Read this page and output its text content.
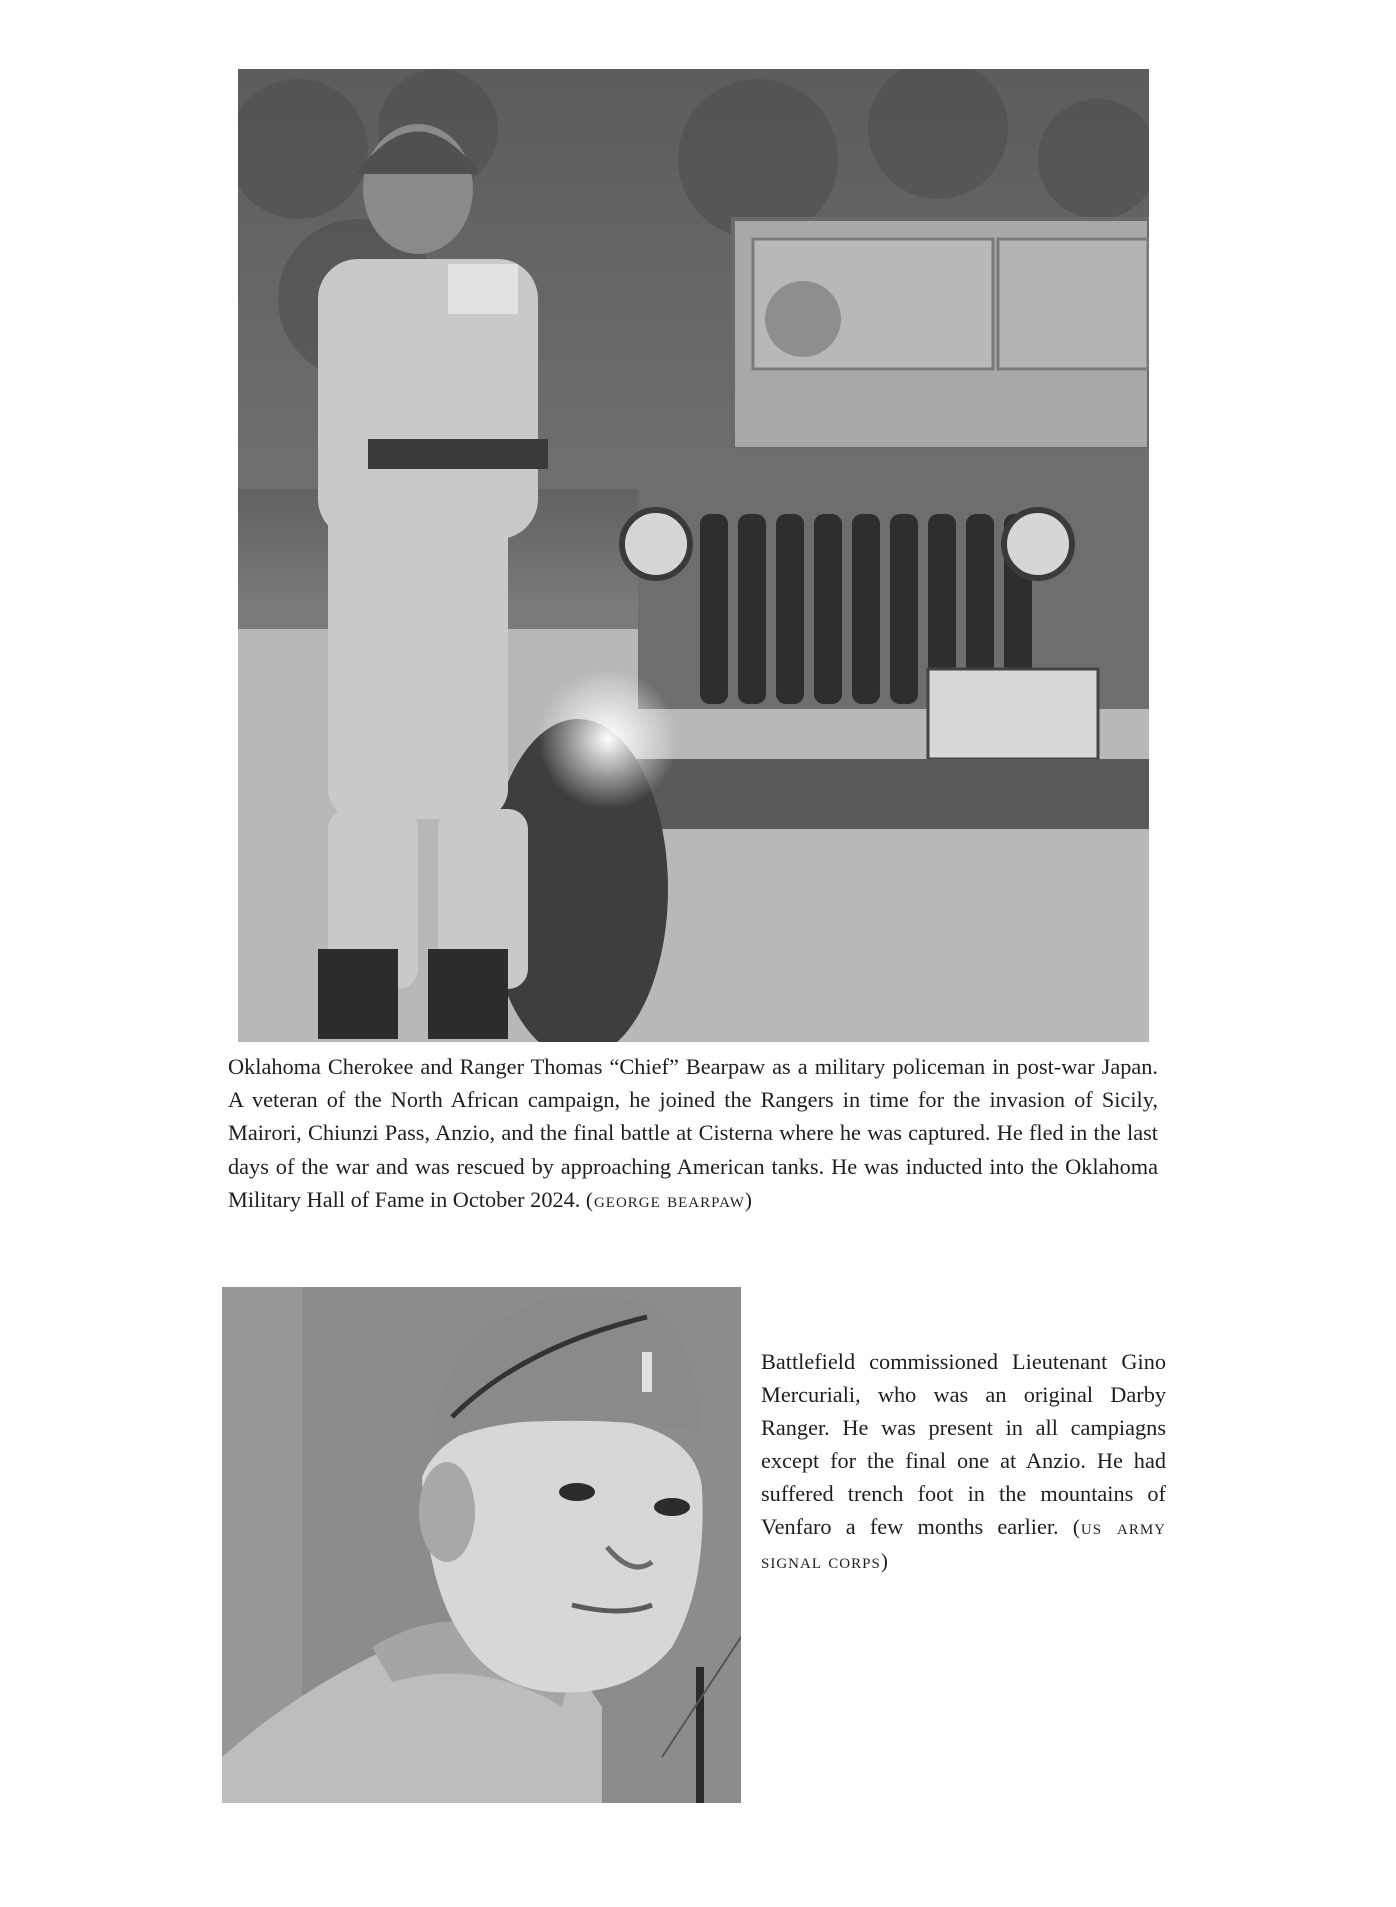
Oklahoma Cherokee and Ranger Thomas “Chief” Bearpaw as a military policeman in post-war Japan. A veteran of the North African campaign, he joined the Rangers in time for the invasion of Sicily, Mairori, Chiunzi Pass, Anzio, and the final battle at Cisterna where he was captured. He fled in the last days of the war and was rescued by approaching American tanks. He was inducted into the Oklahoma Military Hall of Fame in October 2024. (george bearpaw)
Battlefield commissioned Lieutenant Gino Mercuriali, who was an original Darby Ranger. He was present in all campiagns except for the final one at Anzio. He had suffered trench foot in the mountains of Venfaro a few months earlier. (us army signal corps)
